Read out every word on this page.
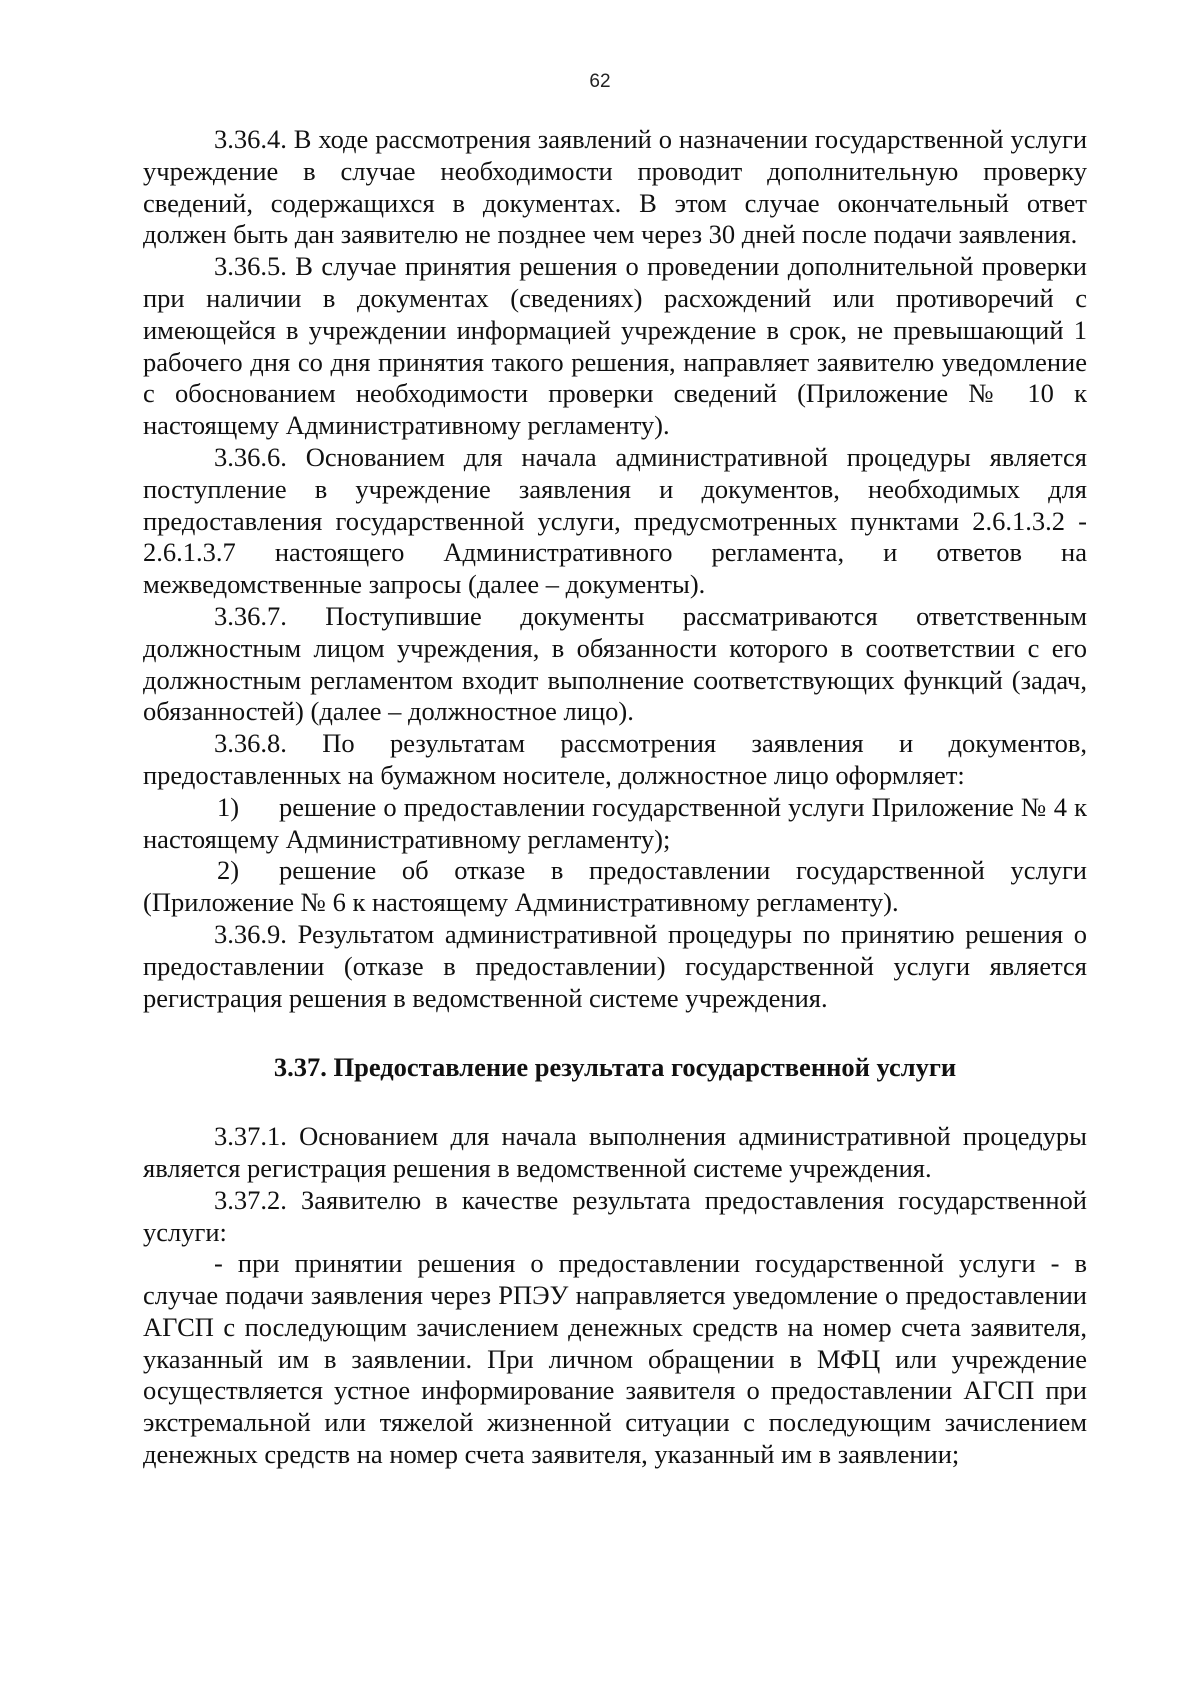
62

3.36.4. В ходе рассмотрения заявлений о назначении государственной услуги учреждение в случае необходимости проводит дополнительную проверку сведений, содержащихся в документах. В этом случае окончательный ответ должен быть дан заявителю не позднее чем через 30 дней после подачи заявления.

3.36.5. В случае принятия решения о проведении дополнительной проверки при наличии в документах (сведениях) расхождений или противоречий с имеющейся в учреждении информацией учреждение в срок, не превышающий 1 рабочего дня со дня принятия такого решения, направляет заявителю уведомление с обоснованием необходимости проверки сведений (Приложение № 10 к настоящему Административному регламенту).

3.36.6. Основанием для начала административной процедуры является поступление в учреждение заявления и документов, необходимых для предоставления государственной услуги, предусмотренных пунктами 2.6.1.3.2 - 2.6.1.3.7 настоящего Административного регламента, и ответов на межведомственные запросы (далее – документы).

3.36.7. Поступившие документы рассматриваются ответственным должностным лицом учреждения, в обязанности которого в соответствии с его должностным регламентом входит выполнение соответствующих функций (задач, обязанностей) (далее – должностное лицо).

3.36.8. По результатам рассмотрения заявления и документов, предоставленных на бумажном носителе, должностное лицо оформляет:

1) решение о предоставлении государственной услуги Приложение № 4 к настоящему Административному регламенту);

2) решение об отказе в предоставлении государственной услуги (Приложение № 6 к настоящему Административному регламенту).

3.36.9. Результатом административной процедуры по принятию решения о предоставлении (отказе в предоставлении) государственной услуги является регистрация решения в ведомственной системе учреждения.

3.37. Предоставление результата государственной услуги

3.37.1. Основанием для начала выполнения административной процедуры является регистрация решения в ведомственной системе учреждения.

3.37.2. Заявителю в качестве результата предоставления государственной услуги:

- при принятии решения о предоставлении государственной услуги - в случае подачи заявления через РПЭУ направляется уведомление о предоставлении АГСП с последующим зачислением денежных средств на номер счета заявителя, указанный им в заявлении. При личном обращении в МФЦ или учреждение осуществляется устное информирование заявителя о предоставлении АГСП при экстремальной или тяжелой жизненной ситуации с последующим зачислением денежных средств на номер счета заявителя, указанный им в заявлении;
